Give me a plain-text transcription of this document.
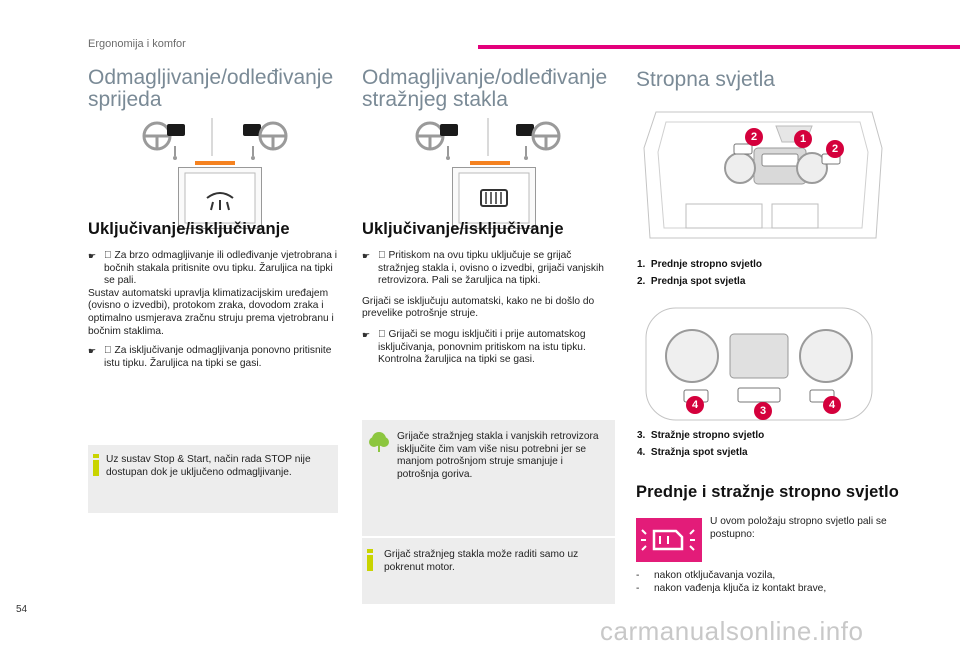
Ergonomija i komfor
Odmagljivanje/odleđivanje
sprijeda
Uključivanje/isključivanje

☛ Za brzo odmagljivanje ili odleđivanje vjetrobrana i bočnih stakala pritisnite ovu tipku. Žaruljica na tipki se pali.
Sustav automatski upravlja klimatizacijskim uređajem (ovisno o izvedbi), protokom zraka, dovodom zraka i optimalno usmjerava zračnu struju prema vjetrobranu i bočnim staklima.

☛ Za isključivanje odmagljivanja ponovno pritisnite istu tipku. Žaruljica na tipki se gasi.
Uz sustav Stop & Start, način rada STOP nije dostupan dok je uključeno odmagljivanje.
Odmagljivanje/odleđivanje
stražnjeg stakla
Uključivanje/isključivanje

☛ Pritiskom na ovu tipku uključuje se grijač stražnjeg stakla i, ovisno o izvedbi, grijači vanjskih retrovizora. Pali se žaruljica na tipki.
Grijači se isključuju automatski, kako ne bi došlo do prevelike potrošnje struje.

☛ Grijači se mogu isključiti i prije automatskog isključivanja, ponovnim pritiskom na istu tipku. Kontrolna žaruljica na tipki se gasi.
Grijače stražnjeg stakla i vanjskih retrovizora isključite čim vam više nisu potrebni jer se manjom potrošnjom struje smanjuje i potrošnja goriva.
Grijač stražnjeg stakla može raditi samo uz pokrenut motor.
Stropna svjetla
2	1
2
1. Prednje stropno svjetlo
2. Prednja spot svjetla
4	3	4
3. Stražnje stropno svjetlo
4. Stražnja spot svjetla
Prednje i stražnje stropno svjetlo
U ovom položaju stropno svjetlo pali se postupno:
- nakon otključavanja vozila,
- nakon vađenja ključa iz kontakt brave,
54
carmanualsonline.info
